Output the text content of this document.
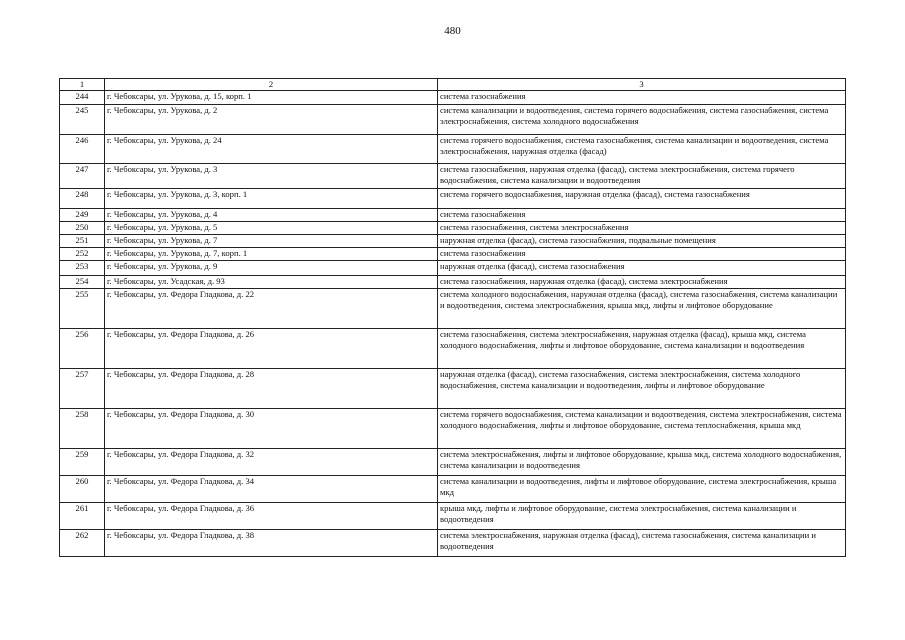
480
1	2	3
244	г. Чебоксары, ул. Урукова, д. 15, корп. 1	система газоснабжения
245	г. Чебоксары, ул. Урукова, д. 2	система канализации и водоотведения, система горячего водоснабжения, система газоснабжения, система электроснабжения, система холодного водоснабжения
246	г. Чебоксары, ул. Урукова, д. 24	система горячего водоснабжения, система газоснабжения, система канализации и водоотведения, система электроснабжения, наружная отделка (фасад)
247	г. Чебоксары, ул. Урукова, д. 3	система газоснабжения, наружная отделка (фасад), система электроснабжения, система горячего водоснабжения, система канализации и водоотведения
248	г. Чебоксары, ул. Урукова, д. 3, корп. 1	система горячего водоснабжения, наружная отделка (фасад), система газоснабжения
249	г. Чебоксары, ул. Урукова, д. 4	система газоснабжения
250	г. Чебоксары, ул. Урукова, д. 5	система газоснабжения, система электроснабжения
251	г. Чебоксары, ул. Урукова, д. 7	наружная отделка (фасад), система газоснабжения, подвальные помещения
252	г. Чебоксары, ул. Урукова, д. 7, корп. 1	система газоснабжения
253	г. Чебоксары, ул. Урукова, д. 9	наружная отделка (фасад), система газоснабжения
254	г. Чебоксары, ул. Усадская, д. 93	система газоснабжения, наружная отделка (фасад), система электроснабжения
255	г. Чебоксары, ул. Федора Гладкова, д. 22	система холодного водоснабжения, наружная отделка (фасад), система газоснабжения, система канализации и водоотведения, система электроснабжения, крыша мкд, лифты и лифтовое оборудование
256	г. Чебоксары, ул. Федора Гладкова, д. 26	система газоснабжения, система электроснабжения, наружная отделка (фасад), крыша мкд, система холодного водоснабжения, лифты и лифтовое оборудование, система канализации и водоотведения
257	г. Чебоксары, ул. Федора Гладкова, д. 28	наружная отделка (фасад), система газоснабжения, система электроснабжения, система холодного водоснабжения, система канализации и водоотведения, лифты и лифтовое оборудование
258	г. Чебоксары, ул. Федора Гладкова, д. 30	система горячего водоснабжения, система канализации и водоотведения, система электроснабжения, система холодного водоснабжения, лифты и лифтовое оборудование, система теплоснабжения, крыша мкд
259	г. Чебоксары, ул. Федора Гладкова, д. 32	система электроснабжения, лифты и лифтовое оборудование, крыша мкд, система холодного водоснабжения, система канализации и водоотведения
260	г. Чебоксары, ул. Федора Гладкова, д. 34	система канализации и водоотведения, лифты и лифтовое оборудование, система электроснабжения, крыша мкд
261	г. Чебоксары, ул. Федора Гладкова, д. 36	крыша мкд, лифты и лифтовое оборудование, система электроснабжения, система канализации и водоотведения
262	г. Чебоксары, ул. Федора Гладкова, д. 38	система электроснабжения, наружная отделка (фасад), система газоснабжения, система канализации и водоотведения
